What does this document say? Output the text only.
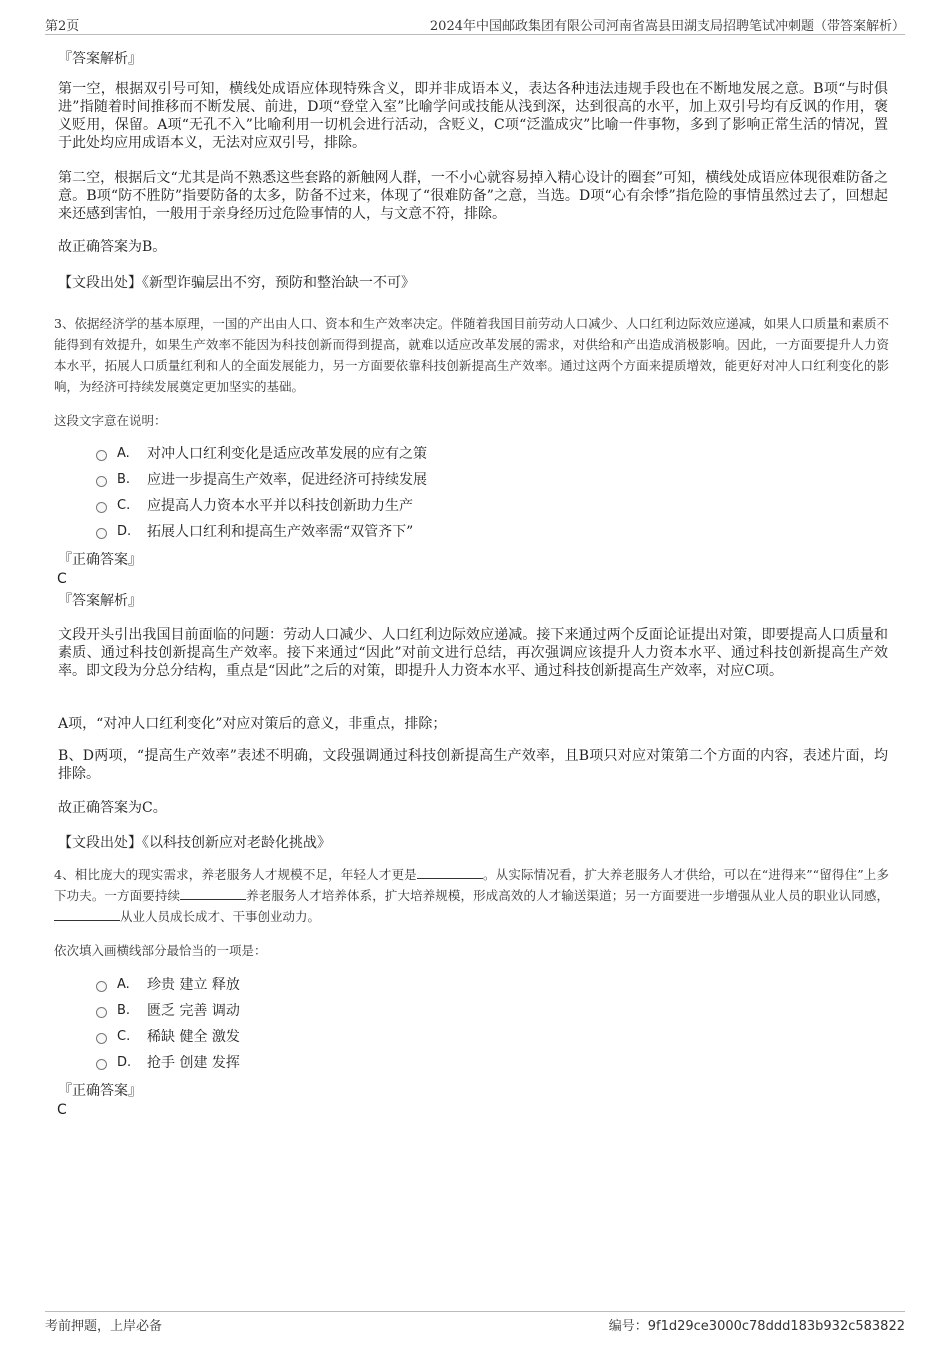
第2页	2024年中国邮政集团有限公司河南省嵩县田湖支局招聘笔试冲刺题（带答案解析）
『答案解析』

第一空，根据双引号可知，横线处成语应体现特殊含义，即并非成语本义，表达各种违法违规手段也在不断地发展之意。B项“与时俱进”指随着时间推移而不断发展、前进，D项“登堂入室”比喻学问或技能从浅到深，达到很高的水平，加上双引号均有反讽的作用，褒义贬用，保留。A项“无孔不入”比喻利用一切机会进行活动，含贬义，C项“泛滥成灾”比喻一件事物，多到了影响正常生活的情况，置于此处均应用成语本义，无法对应双引号，排除。

第二空，根据后文“尤其是尚不熟悉这些套路的新触网人群，一不小心就容易掉入精心设计的圈套”可知，横线处成语应体现很难防备之意。B项“防不胜防”指要防备的太多，防备不过来，体现了“很难防备”之意，当选。D项“心有余悸”指危险的事情虽然过去了，回想起来还感到害怕，一般用于亲身经历过危险事情的人，与文意不符，排除。

故正确答案为B。

【文段出处】《新型诈骗层出不穷，预防和整治缺一不可》

3、依据经济学的基本原理，一国的产出由人口、资本和生产效率决定。伴随着我国目前劳动人口减少、人口红利边际效应递减，如果人口质量和素质不能得到有效提升，如果生产效率不能因为科技创新而得到提高，就难以适应改革发展的需求，对供给和产出造成消极影响。因此，一方面要提升人力资本水平，拓展人口质量红利和人的全面发展能力，另一方面要依靠科技创新提高生产效率。通过这两个方面来提质增效，能更好对冲人口红利变化的影响，为经济可持续发展奠定更加坚实的基础。

这段文字意在说明：
A.	对冲人口红利变化是适应改革发展的应有之策
B.	应进一步提高生产效率，促进经济可持续发展
C.	应提高人力资本水平并以科技创新助力生产
D.	拓展人口红利和提高生产效率需“双管齐下”
『正确答案』
C
『答案解析』

文段开头引出我国目前面临的问题：劳动人口减少、人口红利边际效应递减。接下来通过两个反面论证提出对策，即要提高人口质量和素质、通过科技创新提高生产效率。接下来通过“因此”对前文进行总结，再次强调应该提升人力资本水平、通过科技创新提高生产效率。即文段为分总分结构，重点是“因此”之后的对策，即提升人力资本水平、通过科技创新提高生产效率，对应C项。

A项，“对冲人口红利变化”对应对策后的意义，非重点，排除；

B、D两项，“提高生产效率”表述不明确，文段强调通过科技创新提高生产效率，且B项只对应对策第二个方面的内容，表述片面，均排除。

故正确答案为C。

【文段出处】《以科技创新应对老龄化挑战》

4、相比庞大的现实需求，养老服务人才规模不足，年轻人才更是	。从实际情况看，扩大养老服务人才供给，可以在“进得来”“留得住”上多下功夫。一方面要持续	养老服务人才培养体系，扩大培养规模，形成高效的人才输送渠道；另一方面要进一步增强从业人员的职业认同感，从业人员成长成才、干事创业动力。

依次填入画横线部分最恰当的一项是：
A.	珍贵 建立 释放
B.	匮乏 完善 调动
C.	稀缺 健全 激发
D.	抢手 创建 发挥
『正确答案』
C
考前押题，上岸必备	编号：9f1d29ce3000c78ddd183b932c583822
